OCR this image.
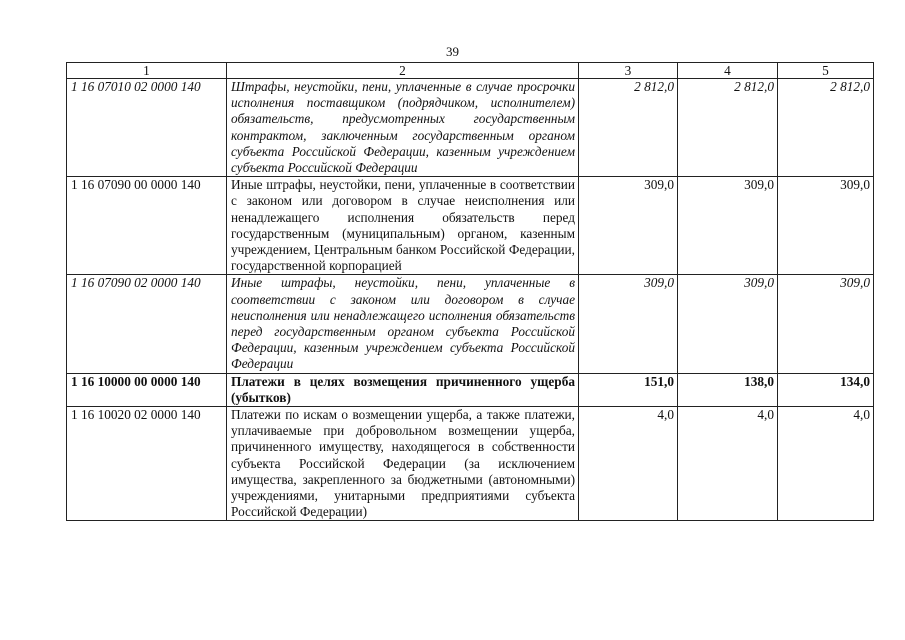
39
1	2	3	4	5
1 16 07010 02 0000 140	Штрафы, неустойки, пени, уплаченные в случае просрочки исполнения поставщиком (подрядчиком, исполнителем) обязательств, предусмотренных государственным контрактом, заключенным государственным органом субъекта Российской Федерации, казенным учреждением субъекта Российской Федерации	2 812,0	2 812,0	2 812,0
1 16 07090 00 0000 140	Иные штрафы, неустойки, пени, уплаченные в соответствии с законом или договором в случае неисполнения или ненадлежащего исполнения обязательств перед государственным (муниципальным) органом, казенным учреждением, Центральным банком Российской Федерации, государственной корпорацией	309,0	309,0	309,0
1 16 07090 02 0000 140	Иные штрафы, неустойки, пени, уплаченные в соответствии с законом или договором в случае неисполнения или ненадлежащего исполнения обязательств перед государственным органом субъекта Российской Федерации, казенным учреждением субъекта Российской Федерации	309,0	309,0	309,0
1 16 10000 00 0000 140	Платежи в целях возмещения причиненного ущерба (убытков)	151,0	138,0	134,0
1 16 10020 02 0000 140	Платежи по искам о возмещении ущерба, а также платежи, уплачиваемые при добровольном возмещении ущерба, причиненного имуществу, находящегося в собственности субъекта Российской Федерации (за исключением имущества, закрепленного за бюджетными (автономными) учреждениями, унитарными предприятиями субъекта Российской Федерации)	4,0	4,0	4,0
